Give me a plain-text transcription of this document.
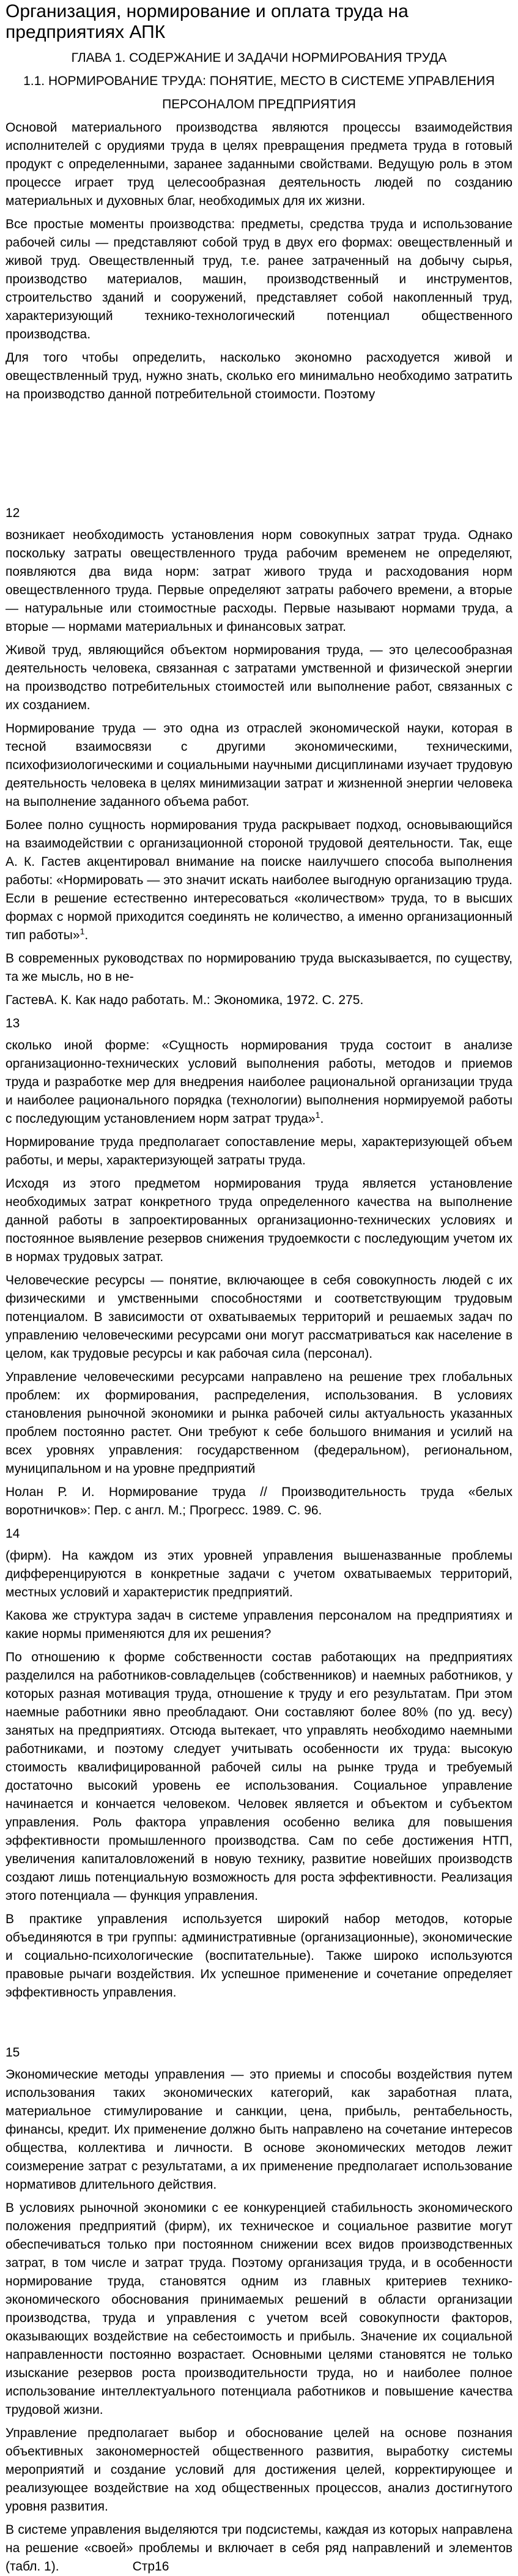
Организация, нормирование и оплата труда на предприятиях АПК
ГЛАВА 1. СОДЕРЖАНИЕ И ЗАДАЧИ НОРМИРОВАНИЯ ТРУДА
1.1. НОРМИРОВАНИЕ ТРУДА: ПОНЯТИЕ, МЕСТО В СИСТЕМЕ УПРАВЛЕНИЯ
ПЕРСОНАЛОМ ПРЕДПРИЯТИЯ

Основой материального производства являются процессы взаимодействия исполнителей с орудиями труда в целях превращения предмета труда в готовый продукт с определенными, заранее заданными свойствами. Ведущую роль в этом процессе играет труд целесообразная деятельность людей по созданию материальных и духовных благ, необходимых для их жизни.

Все простые моменты производства: предметы, средства труда и использование рабочей силы — представляют собой труд в двух его формах: овеществленный и живой труд. Овеществленный труд, т.е. ранее затраченный на добычу сырья, производство материалов, машин, производственный и инструментов, строительство зданий и сооружений, представляет собой накопленный труд, характеризующий технико-технологический потенциал общественного производства.

Для того чтобы определить, насколько экономно расходуется живой и овеществленный труд, нужно знать, сколько его минимально необходимо затратить на производство данной потребительной стоимости. Поэтому

12

возникает необходимость установления норм совокупных затрат труда. Однако поскольку затраты овеществленного труда рабочим временем не определяют, появляются два вида норм: затрат живого труда и расходования норм овеществленного труда. Первые определяют затраты рабочего времени, а вторые — натуральные или стоимостные расходы. Первые называют нормами труда, а вторые — нормами материальных и финансовых затрат.

Живой труд, являющийся объектом нормирования труда, — это целесообразная деятельность человека, связанная с затратами умственной и физической энергии на производство потребительных стоимостей или выполнение работ, связанных с их созданием.

Нормирование труда — это одна из отраслей экономической науки, которая в тесной взаимосвязи с другими экономическими, техническими, психофизиологическими и социальными научными дисциплинами изучает трудовую деятельность человека в целях минимизации затрат и жизненной энергии человека на выполнение заданного объема работ.

Более полно сущность нормирования труда раскрывает подход, основывающийся на взаимодействии с организационной стороной трудовой деятельности. Так, еще А. К. Гастев акцентировал внимание на поиске наилучшего способа выполнения работы: «Нормировать — это значит искать наиболее выгодную организацию труда. Если в решение естественно интересоваться «количеством» труда, то в высших формах с нормой приходится соединять не количество, а именно организационный тип работы»$^1$.

В современных руководствах по нормированию труда высказывается, по существу, та же мысль, но в не-

ГастевА. К. Как надо работать. М.: Экономика, 1972. С. 275.

13

сколько иной форме: «Сущность нормирования труда состоит в анализе организационно-технических условий выполнения работы, методов и приемов труда и разработке мер для внедрения наиболее рациональной организации труда и наиболее рационального порядка (технологии) выполнения нормируемой работы с последующим установлением норм затрат труда»$^1$.

Нормирование труда предполагает сопоставление меры, характеризующей объем работы, и меры, характеризующей затраты труда.

Исходя из этого предметом нормирования труда является установление необходимых затрат конкретного труда определенного качества на выполнение данной работы в запроектированных организационно-технических условиях и постоянное выявление резервов снижения трудоемкости с последующим учетом их в нормах трудовых затрат.

Человеческие ресурсы — понятие, включающее в себя совокупность людей с их физическими и умственными способностями и соответствующим трудовым потенциалом. В зависимости от охватываемых территорий и решаемых задач по управлению человеческими ресурсами они могут рассматриваться как население в целом, как трудовые ресурсы и как рабочая сила (персонал).

Управление человеческими ресурсами направлено на решение трех глобальных проблем: их формирования, распределения, использования. В условиях становления рыночной экономики и рынка рабочей силы актуальность указанных проблем постоянно растет. Они требуют к себе большого внимания и усилий на всех уровнях управления: государственном (федеральном), региональном, муниципальном и на уровне предприятий

Нолан Р. И. Нормирование труда // Производительность труда «белых воротничков»: Пер. с англ. М.; Прогресс. 1989. С. 96.

14

(фирм). На каждом из этих уровней управления вышеназванные проблемы дифференцируются в конкретные задачи с учетом охватываемых территорий, местных условий и характеристик предприятий.

Какова же структура задач в системе управления персоналом на предприятиях и какие нормы применяются для их решения?

По отношению к форме собственности состав работающих на предприятиях разделился на работников-совладельцев (собственников) и наемных работников, у которых разная мотивация труда, отношение к труду и его результатам. При этом наемные работники явно преобладают. Они составляют более 80% (по уд. весу) занятых на предприятиях. Отсюда вытекает, что управлять необходимо наемными работниками, и поэтому следует учитывать особенности их труда: высокую стоимость квалифицированной рабочей силы на рынке труда и требуемый достаточно высокий уровень ее использования. Социальное управление начинается и кончается человеком. Человек является и объектом и субъектом управления. Роль фактора управления особенно велика для повышения эффективности промышленного производства. Сам по себе достижения НТП, увеличения капиталовложений в новую технику, развитие новейших производств создают лишь потенциальную возможность для роста эффективности. Реализация этого потенциала — функция управления.

В практике управления используется широкий набор методов, которые объединяются в три группы: административные (организационные), экономические и социально-психологические (воспитательные). Также широко используются правовые рычаги воздействия. Их успешное применение и сочетание определяет эффективность управления.

15

Экономические методы управления — это приемы и способы воздействия путем использования таких экономических категорий, как заработная плата, материальное стимулирование и санкции, цена, прибыль, рентабельность, финансы, кредит. Их применение должно быть направлено на сочетание интересов общества, коллектива и личности. В основе экономических методов лежит соизмерение затрат с результатами, а их применение предполагает использование нормативов длительного действия.

В условиях рыночной экономики с ее конкуренцией стабильность экономического положения предприятий (фирм), их техническое и социальное развитие могут обеспечиваться только при постоянном снижении всех видов производственных затрат, в том числе и затрат труда. Поэтому организация труда, и в особенности нормирование труда, становятся одним из главных критериев технико-экономического обоснования принимаемых решений в области организации производства, труда и управления с учетом всей совокупности факторов, оказывающих воздействие на себестоимость и прибыль. Значение их социальной направленности постоянно возрастает. Основными целями становятся не только изыскание резервов роста производительности труда, но и наиболее полное использование интеллектуального потенциала работников и повышение качества трудовой жизни.

Управление предполагает выбор и обоснование целей на основе познания объективных закономерностей общественного развития, выработку системы мероприятий и создание условий для достижения целей, корректирующее и реализующее воздействие на ход общественных процессов, анализ достигнутого уровня развития.

В системе управления выделяются три подсистемы, каждая из которых направлена на решение «своей» проблемы и включает в себя ряд направлений и элементов (табл. 1).	Стр16
